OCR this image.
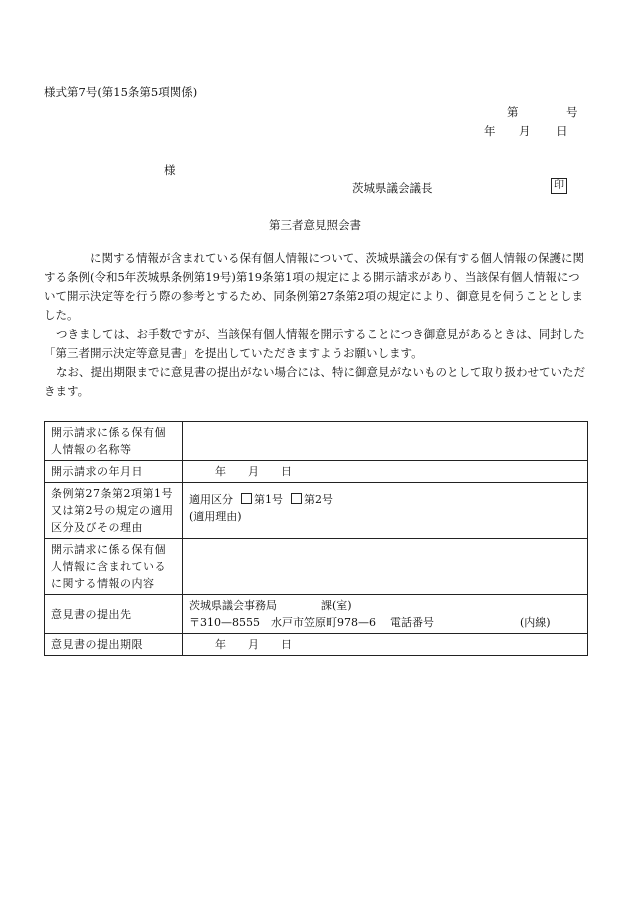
様式第7号(第15条第5項関係)
第	号
年 月 日
様
茨城県議会議長	印
第三者意見照会書

に関する情報が含まれている保有個人情報について、茨城県議会の保有する個人情報の保護に関する条例(令和5年茨城県条例第19号)第19条第1項の規定による開示請求があり、当該保有個人情報について開示決定等を行う際の参考とするため、同条例第27条第2項の規定により、御意見を伺うこととしました。

つきましては、お手数ですが、当該保有個人情報を開示することにつき御意見があるときは、同封した「第三者開示決定等意見書」を提出していただきますようお願いします。

なお、提出期限までに意見書の提出がない場合には、特に御意見がないものとして取り扱わせていただきます。

開示請求に係る保有個人情報の名称等	
開示請求の年月日	年 月 日
条例第27条第2項第1号又は第2号の規定の適用区分及びその理由	適用区分 第1号 第2号
(適用理由)

開示請求に係る保有個人情報に含まれているに関する情報の内容	
意見書の提出先	茨城県議会事務局 課(室)
〒310—8555　水戸市笠原町978—6 電話番号 (内線)

意見書の提出期限	年 月 日
